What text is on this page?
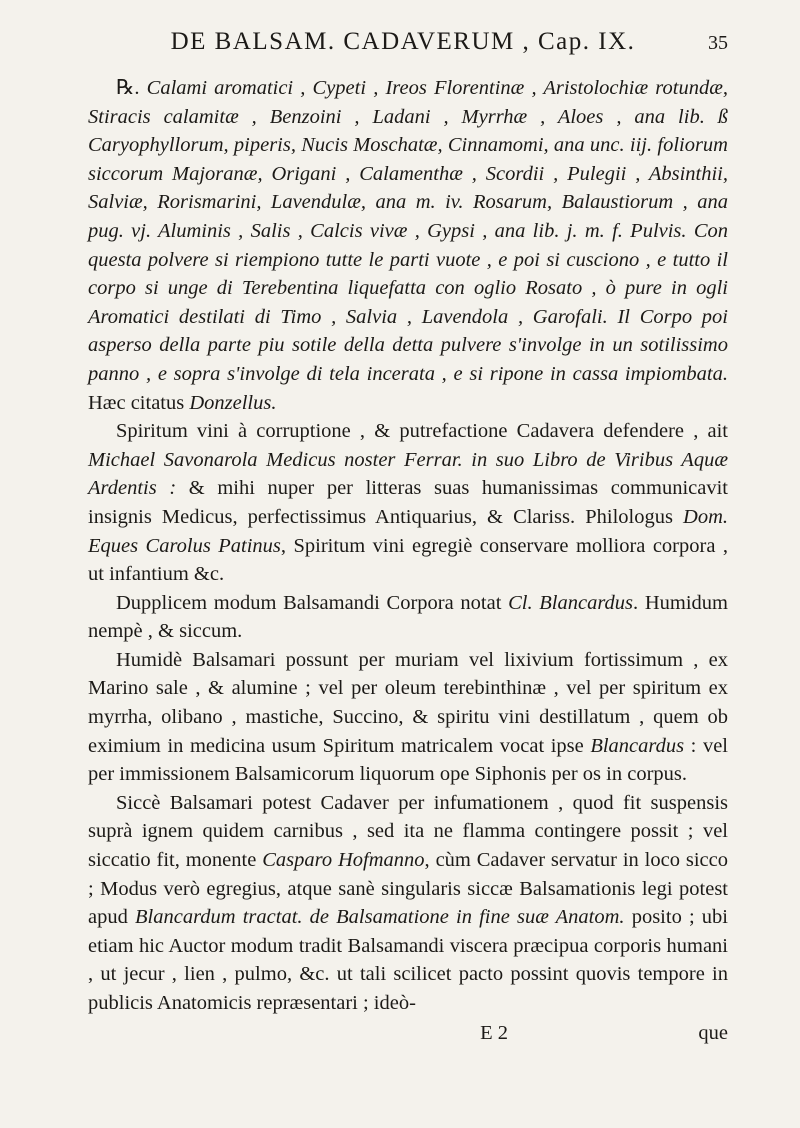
DE BALSAM. CADAVERUM , Cap. IX.	35

℞. Calami aromatici , Cypeti , Ireos Florentinæ , Aristolochiæ rotundæ, Stiracis calamitæ , Benzoini , Ladani , Myrrhæ , Aloes , ana lib. ß Caryophyllorum, piperis, Nucis Moschatæ, Cinnamomi, ana unc. iij. foliorum siccorum Majoranæ, Origani , Calamenthæ , Scordii , Pulegii , Absinthii, Salviæ, Rorismarini, Lavendulæ, ana m. iv. Rosarum, Balaustiorum , ana pug. vj. Aluminis , Salis , Calcis vivæ , Gypsi , ana lib. j. m. f. Pulvis. Con questa polvere si riempiono tutte le parti vuote , e poi si cusciono , e tutto il corpo si unge di Terebentina liquefatta con oglio Rosato , ò pure in ogli Aromatici destilati di Timo , Salvia , Lavendola , Garofali. Il Corpo poi asperso della parte piu sotile della detta pulvere s'involge in un sotilissimo panno , e sopra s'involge di tela incerata , e si ripone in cassa impiombata. Hæc citatus Donzellus.

Spiritum vini à corruptione , & putrefactione Cadavera defendere , ait Michael Savonarola Medicus noster Ferrar. in suo Libro de Viribus Aquæ Ardentis : & mihi nuper per litteras suas humanissimas communicavit insignis Medicus, perfectissimus Antiquarius, & Clariss. Philologus Dom. Eques Carolus Patinus, Spiritum vini egregiè conservare molliora corpora , ut infantium &c.

Dupplicem modum Balsamandi Corpora notat Cl. Blancardus. Humidum nempè , & siccum.

Humidè Balsamari possunt per muriam vel lixivium fortissimum , ex Marino sale , & alumine ; vel per oleum terebinthinæ , vel per spiritum ex myrrha, olibano , mastiche, Succino, & spiritu vini destillatum , quem ob eximium in medicina usum Spiritum matricalem vocat ipse Blancardus : vel per immissionem Balsamicorum liquorum ope Siphonis per os in corpus.

Siccè Balsamari potest Cadaver per infumationem , quod fit suspensis suprà ignem quidem carnibus , sed ita ne flamma contingere possit ; vel siccatio fit, monente Casparo Hofmanno, cùm Cadaver servatur in loco sicco ; Modus verò egregius, atque sanè singularis siccæ Balsamationis legi potest apud Blancardum tractat. de Balsamatione in fine suæ Anatom. posito ; ubi etiam hic Auctor modum tradit Balsamandi viscera præcipua corporis humani , ut jecur , lien , pulmo, &c. ut tali scilicet pacto possint quovis tempore in publicis Anatomicis repræsentari ; ideò-

E 2	que
